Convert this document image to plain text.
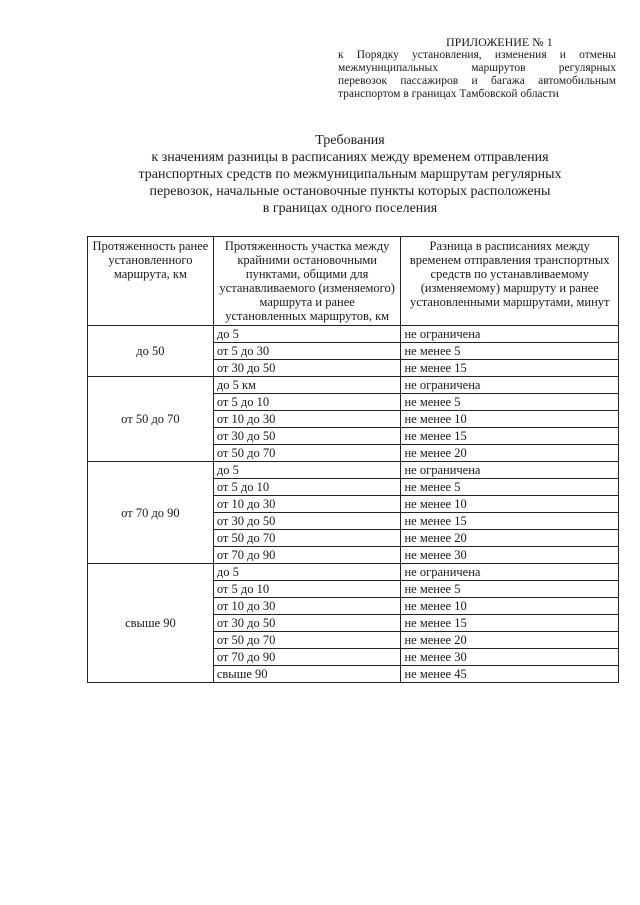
ПРИЛОЖЕНИЕ № 1
к Порядку установления, изменения и отмены
межмуниципальных маршрутов регулярных
перевозок пассажиров и багажа автомобильным
транспортом в границах Тамбовской области
Требования
к значениям разницы в расписаниях между временем отправления
транспортных средств по межмуниципальным маршрутам регулярных
перевозок, начальные остановочные пункты которых расположены
в границах одного поселения
Протяженность ранее установленного маршрута, км	Протяженность участка между крайними остановочными пунктами, общими для устанавливаемого (изменяемого) маршрута и ранее установленных маршрутов, км	Разница в расписаниях между временем отправления транспортных средств по устанавливаемому (изменяемому) маршруту и ранее установленными маршрутами, минут
до 50	до 5	не ограничена
	от 5 до 30	не менее 5
	от 30 до 50	не менее 15
от 50 до 70	до 5 км	не ограничена
	от 5 до 10	не менее 5
	от 10 до 30	не менее 10
	от 30 до 50	не менее 15
	от 50 до 70	не менее 20
от 70 до 90	до 5	не ограничена
	от 5 до 10	не менее 5
	от 10 до 30	не менее 10
	от 30 до 50	не менее 15
	от 50 до 70	не менее 20
	от 70 до 90	не менее 30
свыше 90	до 5	не ограничена
	от 5 до 10	не менее 5
	от 10 до 30	не менее 10
	от 30 до 50	не менее 15
	от 50 до 70	не менее 20
	от 70 до 90	не менее 30
	свыше 90	не менее 45
